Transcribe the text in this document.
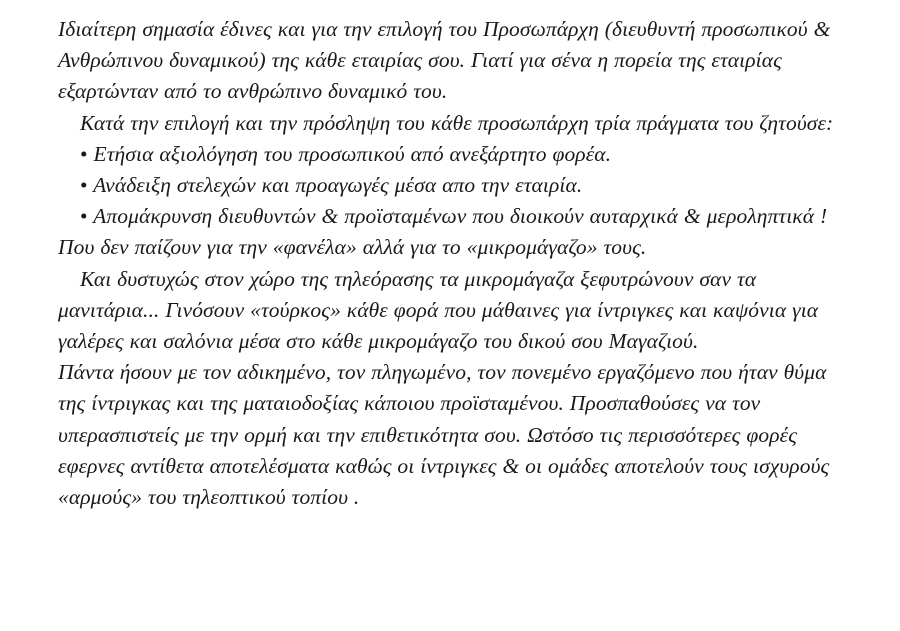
Ιδιαίτερη σημασία έδινες και για την επιλογή του Προσωπάρχη (διευθυντή προσωπικού & Ανθρώπινου δυναμικού) της κάθε εταιρίας σου. Γιατί για σένα η πορεία της εταιρίας εξαρτώνταν από το ανθρώπινο δυναμικό του.

Κατά την επιλογή και την πρόσληψη του κάθε προσωπάρχη τρία πράγματα του ζητούσε:

• Ετήσια αξιολόγηση του προσωπικού από ανεξάρτητο φορέα.

• Ανάδειξη στελεχών και προαγωγές μέσα απο την εταιρία.

• Απομάκρυνση διευθυντών & προϊσταμένων που διοικούν αυταρχικά & μεροληπτικά ! Που δεν παίζουν για την «φανέλα» αλλά για το «μικρομάγαζο» τους.

Και δυστυχώς στον χώρο της τηλεόρασης τα μικρομάγαζα ξεφυτρώνουν σαν τα μανιτάρια... Γινόσουν «τούρκος» κάθε φορά που μάθαινες για ίντριγκες και καψόνια για γαλέρες και σαλόνια μέσα στο κάθε μικρομάγαζο του δικού σου Μαγαζιού.

Πάντα ήσουν με τον αδικημένο, τον πληγωμένο, τον πονεμένο εργαζόμενο που ήταν θύμα της ίντριγκας και της ματαιοδοξίας κάποιου προϊσταμένου. Προσπαθούσες να τον υπερασπιστείς με την ορμή και την επιθετικότητα σου. Ωστόσο τις περισσότερες φορές εφερνες αντίθετα αποτελέσματα καθώς οι ίντριγκες & οι ομάδες αποτελούν τους ισχυρούς «αρμούς» του τηλεοπτικού τοπίου .
